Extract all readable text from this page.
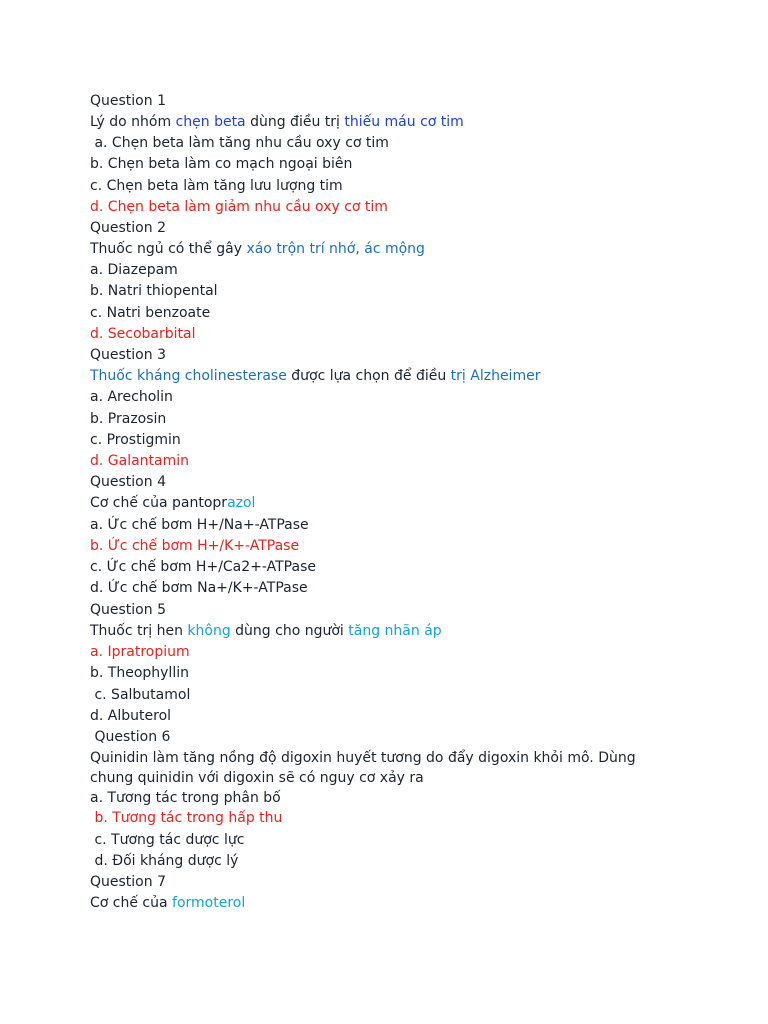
Question 1
Lý do nhóm chẹn beta dùng điều trị thiếu máu cơ tim
a. Chẹn beta làm tăng nhu cầu oxy cơ tim
b. Chẹn beta làm co mạch ngoại biên
c. Chẹn beta làm tăng lưu lượng tim
d. Chẹn beta làm giảm nhu cầu oxy cơ tim
Question 2
Thuốc ngủ có thể gây xáo trộn trí nhớ, ác mộng
a. Diazepam
b. Natri thiopental
c. Natri benzoate
d. Secobarbital
Question 3
Thuốc kháng cholinesterase được lựa chọn để điều trị Alzheimer
a. Arecholin
b. Prazosin
c. Prostigmin
d. Galantamin
Question 4
Cơ chế của pantoprazol
a. Ức chế bơm H+/Na+-ATPase
b. Ức chế bơm H+/K+-ATPase
c. Ức chế bơm H+/Ca2+-ATPase
d. Ức chế bơm Na+/K+-ATPase
Question 5
Thuốc trị hen không dùng cho người tăng nhãn áp
a. Ipratropium
b. Theophyllin
c. Salbutamol
d. Albuterol
Question 6
Quinidin làm tăng nồng độ digoxin huyết tương do đẩy digoxin khỏi mô. Dùng chung quinidin với digoxin sẽ có nguy cơ xảy ra
a. Tương tác trong phân bố
b. Tương tác trong hấp thu
c. Tương tác dược lực
d. Đối kháng dược lý
Question 7
Cơ chế của formoterol
